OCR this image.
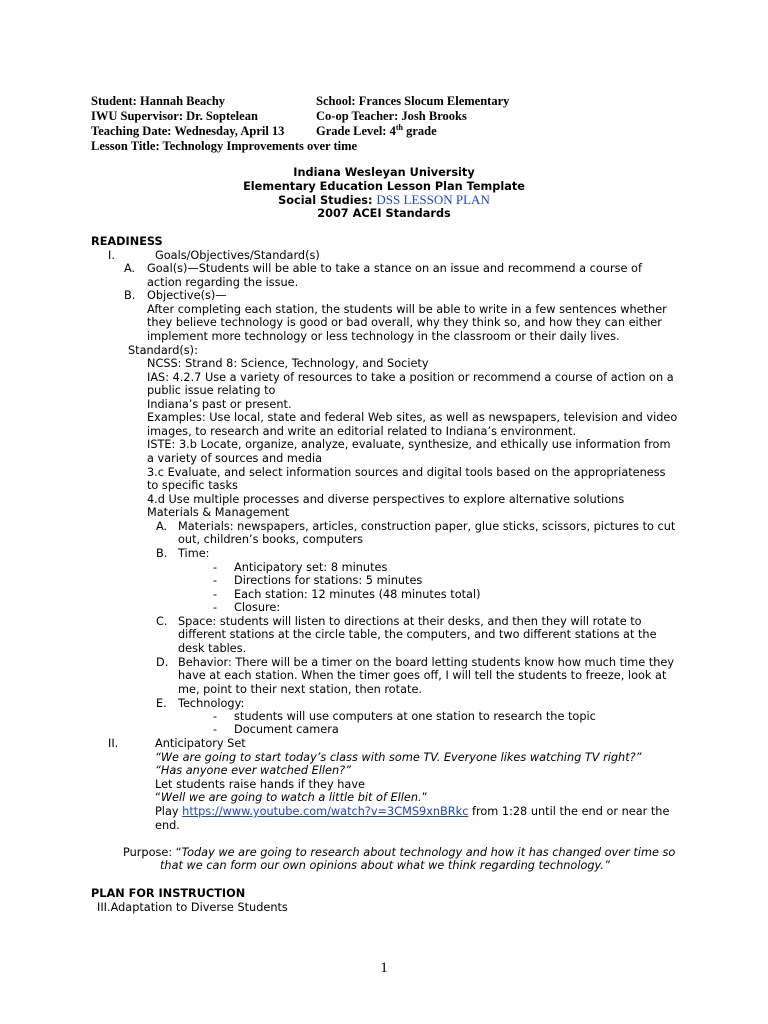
Student: Hannah Beachy	School: Frances Slocum Elementary
IWU Supervisor: Dr. Soptelean	Co-op Teacher: Josh Brooks
Teaching Date: Wednesday, April 13	Grade Level: 4th grade
Lesson Title: Technology Improvements over time
Indiana Wesleyan University
Elementary Education Lesson Plan Template
Social Studies: DSS LESSON PLAN
2007 ACEI Standards
READINESS
I.	Goals/Objectives/Standard(s)
A. Goal(s)—Students will be able to take a stance on an issue and recommend a course of
action regarding the issue.
B. Objective(s)—
After completing each station, the students will be able to write in a few sentences whether
they believe technology is good or bad overall, why they think so, and how they can either
implement more technology or less technology in the classroom or their daily lives.
Standard(s):
NCSS: Strand 8: Science, Technology, and Society
IAS: 4.2.7 Use a variety of resources to take a position or recommend a course of action on a
public issue relating to
Indiana’s past or present.
Examples: Use local, state and federal Web sites, as well as newspapers, television and video
images, to research and write an editorial related to Indiana’s environment.
ISTE: 3.b Locate, organize, analyze, evaluate, synthesize, and ethically use information from
a variety of sources and media
3.c Evaluate, and select information sources and digital tools based on the appropriateness
to specific tasks
4.d Use multiple processes and diverse perspectives to explore alternative solutions
Materials & Management
A. Materials: newspapers, articles, construction paper, glue sticks, scissors, pictures to cut
out, children’s books, computers
B. Time:
- Anticipatory set: 8 minutes
- Directions for stations: 5 minutes
- Each station: 12 minutes (48 minutes total)
- Closure:
C. Space: students will listen to directions at their desks, and then they will rotate to
different stations at the circle table, the computers, and two different stations at the
desk tables.
D. Behavior: There will be a timer on the board letting students know how much time they
have at each station. When the timer goes off, I will tell the students to freeze, look at
me, point to their next station, then rotate.
E. Technology:
- students will use computers at one station to research the topic
- Document camera
II.	Anticipatory Set
“We are going to start today’s class with some TV. Everyone likes watching TV right?”
“Has anyone ever watched Ellen?”
Let students raise hands if they have
“Well we are going to watch a little bit of Ellen.”
Play https://www.youtube.com/watch?v=3CMS9xnBRkc from 1:28 until the end or near the
end.
Purpose: “Today we are going to research about technology and how it has changed over time so
that we can form our own opinions about what we think regarding technology.”
PLAN FOR INSTRUCTION
III.Adaptation to Diverse Students
1
